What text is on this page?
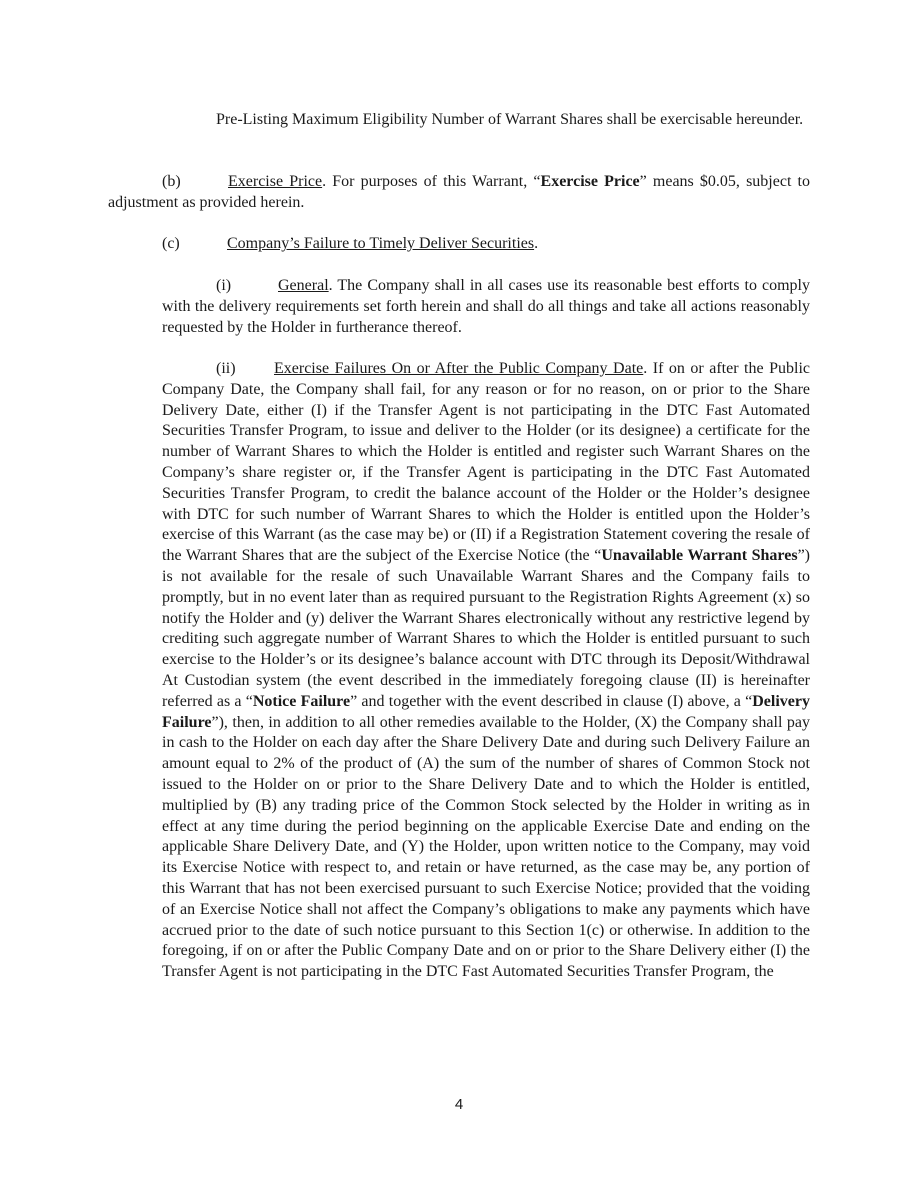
Pre-Listing Maximum Eligibility Number of Warrant Shares shall be exercisable hereunder.

(b)	Exercise Price. For purposes of this Warrant, “Exercise Price” means $0.05, subject to adjustment as provided herein.

(c)	Company’s Failure to Timely Deliver Securities.

(i)	General. The Company shall in all cases use its reasonable best efforts to comply with the delivery requirements set forth herein and shall do all things and take all actions reasonably requested by the Holder in furtherance thereof.

(ii) Exercise Failures On or After the Public Company Date. If on or after the Public Company Date, the Company shall fail, for any reason or for no reason, on or prior to the Share Delivery Date, either (I) if the Transfer Agent is not participating in the DTC Fast Automated Securities Transfer Program, to issue and deliver to the Holder (or its designee) a certificate for the number of Warrant Shares to which the Holder is entitled and register such Warrant Shares on the Company’s share register or, if the Transfer Agent is participating in the DTC Fast Automated Securities Transfer Program, to credit the balance account of the Holder or the Holder’s designee with DTC for such number of Warrant Shares to which the Holder is entitled upon the Holder’s exercise of this Warrant (as the case may be) or (II) if a Registration Statement covering the resale of the Warrant Shares that are the subject of the Exercise Notice (the “Unavailable Warrant Shares”) is not available for the resale of such Unavailable Warrant Shares and the Company fails to promptly, but in no event later than as required pursuant to the Registration Rights Agreement (x) so notify the Holder and (y) deliver the Warrant Shares electronically without any restrictive legend by crediting such aggregate number of Warrant Shares to which the Holder is entitled pursuant to such exercise to the Holder’s or its designee’s balance account with DTC through its Deposit/Withdrawal At Custodian system (the event described in the immediately foregoing clause (II) is hereinafter referred as a “Notice Failure” and together with the event described in clause (I) above, a “Delivery Failure”), then, in addition to all other remedies available to the Holder, (X) the Company shall pay in cash to the Holder on each day after the Share Delivery Date and during such Delivery Failure an amount equal to 2% of the product of (A) the sum of the number of shares of Common Stock not issued to the Holder on or prior to the Share Delivery Date and to which the Holder is entitled, multiplied by (B) any trading price of the Common Stock selected by the Holder in writing as in effect at any time during the period beginning on the applicable Exercise Date and ending on the applicable Share Delivery Date, and (Y) the Holder, upon written notice to the Company, may void its Exercise Notice with respect to, and retain or have returned, as the case may be, any portion of this Warrant that has not been exercised pursuant to such Exercise Notice; provided that the voiding of an Exercise Notice shall not affect the Company’s obligations to make any payments which have accrued prior to the date of such notice pursuant to this Section 1(c) or otherwise. In addition to the foregoing, if on or after the Public Company Date and on or prior to the Share Delivery either (I) the Transfer Agent is not participating in the DTC Fast Automated Securities Transfer Program, the

4
